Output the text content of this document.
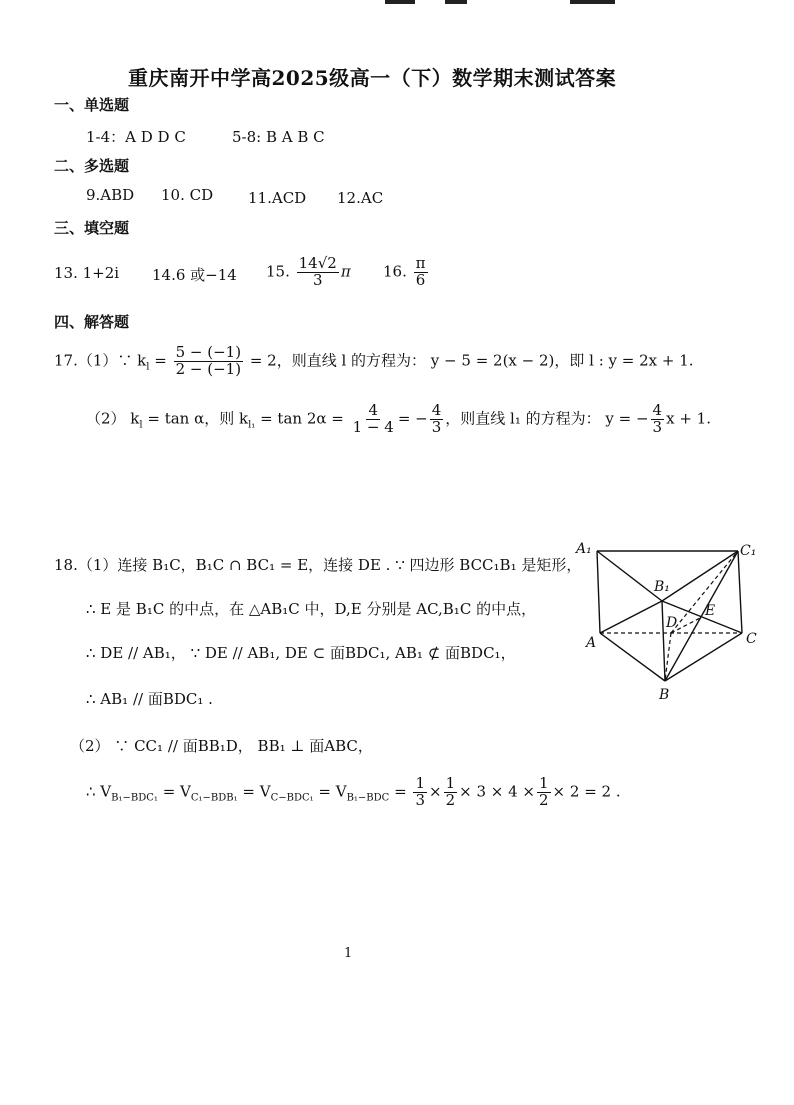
重庆南开中学高2025级高一（下）数学期末测试答案
一、单选题
1-4：A D D C	5-8: B A B C
二、多选题
9.ABD 10. CD 11.ACD 12.AC
三、填空题
13. 1+2i 14.6 或−14 15. $\frac{14√2}{3}$ π 16. $\frac{\pi}{6}$
四、解答题
17.（1）∵ $k_l = \frac{5 - (-1)}{2 - (-1)} = 2$，则直线 l 的方程为： y − 5 = 2(x − 2)，即 l : y = 2x + 1.
（2） $k_l = \tan \alpha$，则 $k_{l_1} = \tan 2\alpha = \frac{4}{1 - 4}$ = − $\frac{4}{3}$ ，则直线 l₁ 的方程为： y = − $\frac{4}{3}$ x + 1.
18.（1）连接 B₁C，B₁C ∩ BC₁ = E，连接 DE . ∵ 四边形 BCC₁B₁ 是矩形，
∴ E 是 B₁C 的中点，在 △AB₁C 中，D,E 分别是 AC,B₁C 的中点，
∴ DE // AB₁， ∵ DE // AB₁, DE ⊂ 面BDC₁, AB₁ ⊄ 面BDC₁，
∴ AB₁ // 面BDC₁ .
（2） ∵ CC₁ // 面BB₁D， BB₁ ⊥ 面ABC，
∴ $V_{B_1-BDC_1} = V_{C_1-BDB_1} = V_{C-BDC_1} = V_{B_1-BDC} = \frac{1}{3} \times \frac{1}{2} \times 3 \times 4 \times \frac{1}{2} \times 2 = 2$ .
A₁	C₁
B₁
D
E
A	C
B
1
